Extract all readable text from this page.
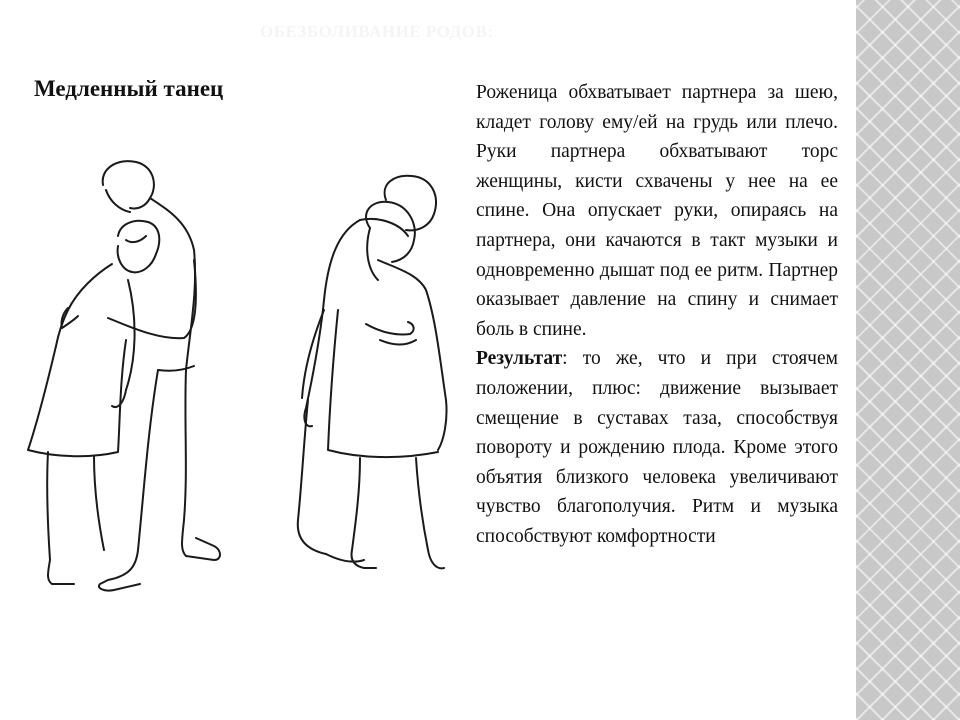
ОБЕЗБОЛИВАНИЕ РОДОВ:
Медленный танец	Роженица обхватывает партнера за шею, кладет голову ему/ей на грудь или плечо. Руки партнера обхватывают торс женщины, кисти схвачены у нее на ее спине. Она опускает руки, опираясь на партнера, они качаются в такт музыки и одновременно дышат под ее ритм. Партнер оказывает давление на спину и снимает боль в спине.

Результат: то же, что и при стоячем положении, плюс: движение вызывает смещение в суставах таза, способствуя повороту и рождению плода. Кроме этого объятия близкого человека увеличивают чувство благополучия. Ритм и музыка способствуют комфортности
